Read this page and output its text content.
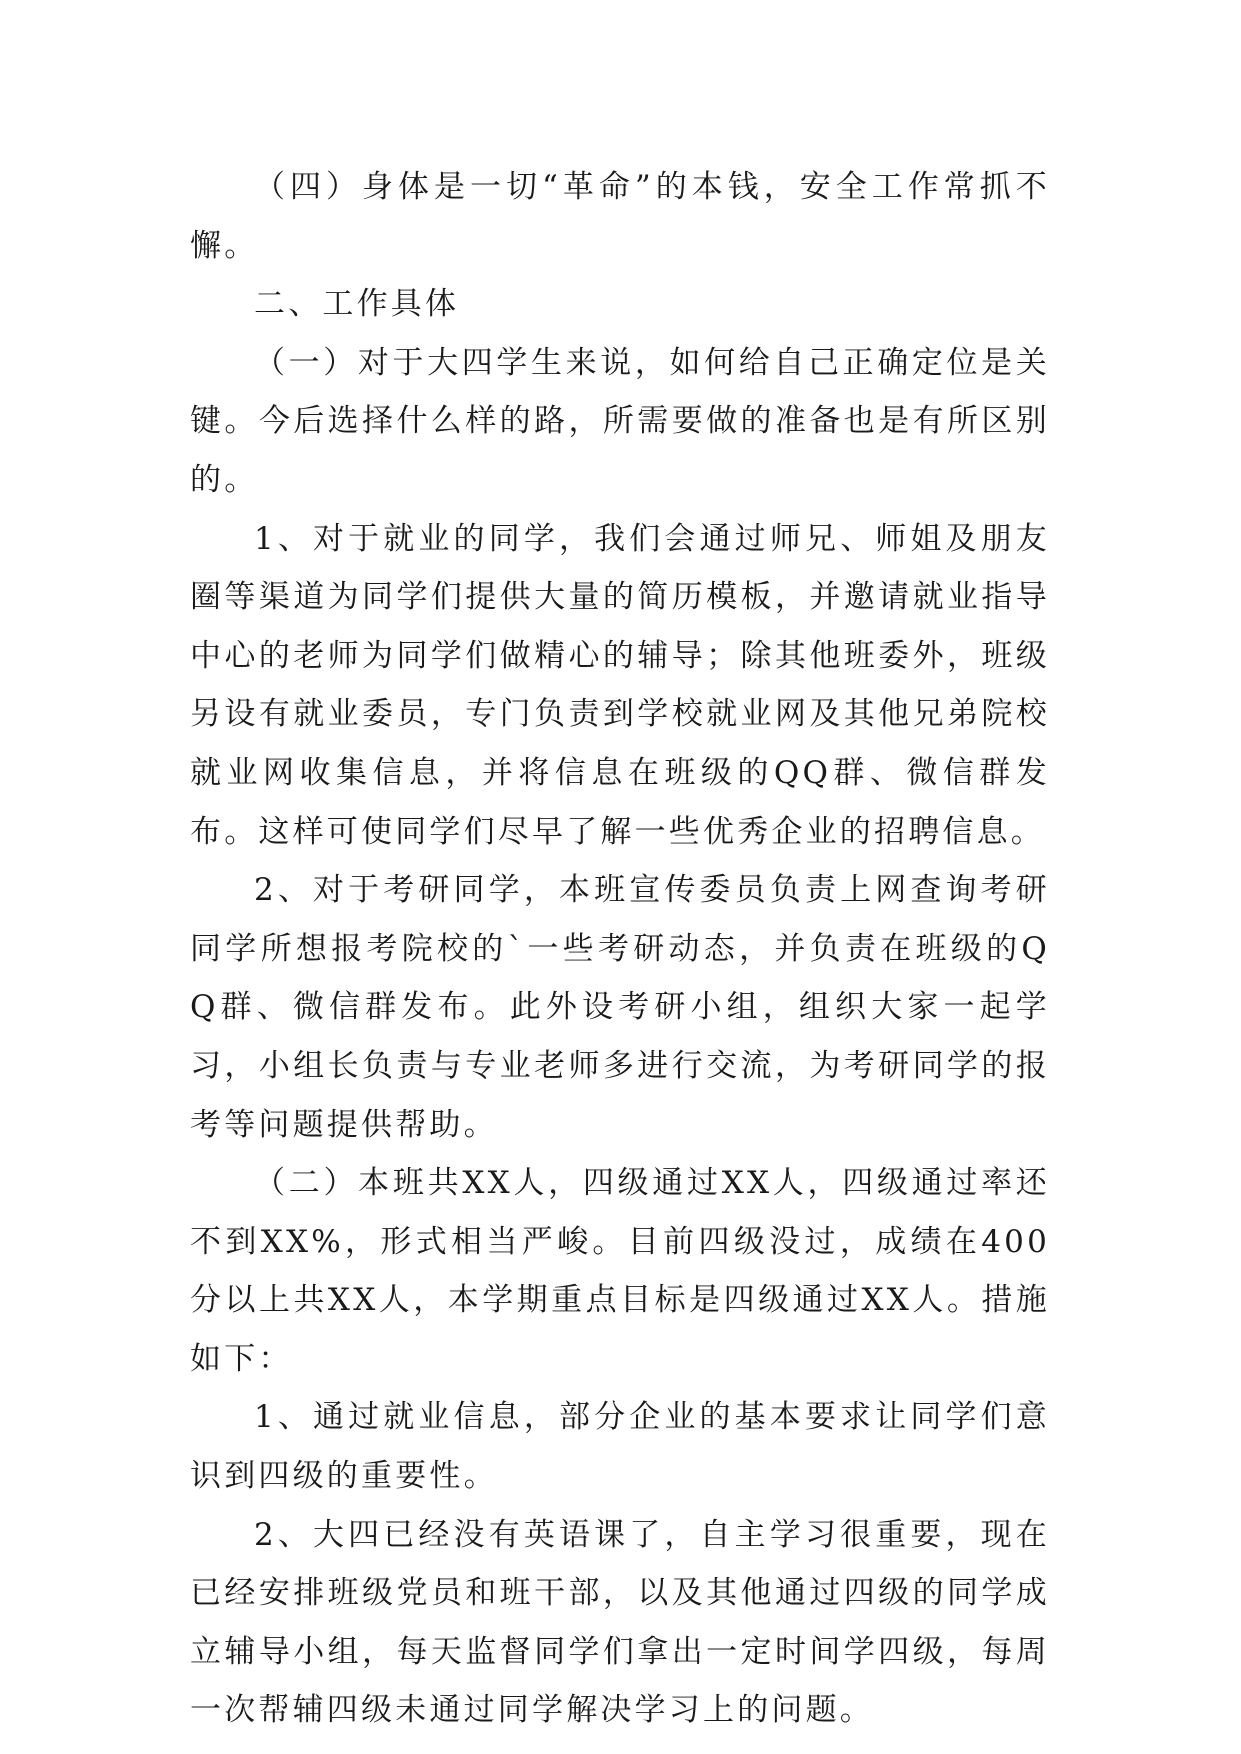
（四）身体是一切“革命”的本钱，安全工作常抓不懈。

二、工作具体

（一）对于大四学生来说，如何给自己正确定位是关键。今后选择什么样的路，所需要做的准备也是有所区别的。

1、对于就业的同学，我们会通过师兄、师姐及朋友圈等渠道为同学们提供大量的简历模板，并邀请就业指导中心的老师为同学们做精心的辅导；除其他班委外，班级另设有就业委员，专门负责到学校就业网及其他兄弟院校就业网收集信息，并将信息在班级的QQ群、微信群发布。这样可使同学们尽早了解一些优秀企业的招聘信息。

2、对于考研同学，本班宣传委员负责上网查询考研同学所想报考院校的`一些考研动态，并负责在班级的QQ群、微信群发布。此外设考研小组，组织大家一起学习，小组长负责与专业老师多进行交流，为考研同学的报考等问题提供帮助。

（二）本班共XX人，四级通过XX人，四级通过率还不到XX%，形式相当严峻。目前四级没过，成绩在400分以上共XX人，本学期重点目标是四级通过XX人。措施如下：

1、通过就业信息，部分企业的基本要求让同学们意识到四级的重要性。

2、大四已经没有英语课了，自主学习很重要，现在已经安排班级党员和班干部，以及其他通过四级的同学成立辅导小组，每天监督同学们拿出一定时间学四级，每周一次帮辅四级未通过同学解决学习上的问题。
